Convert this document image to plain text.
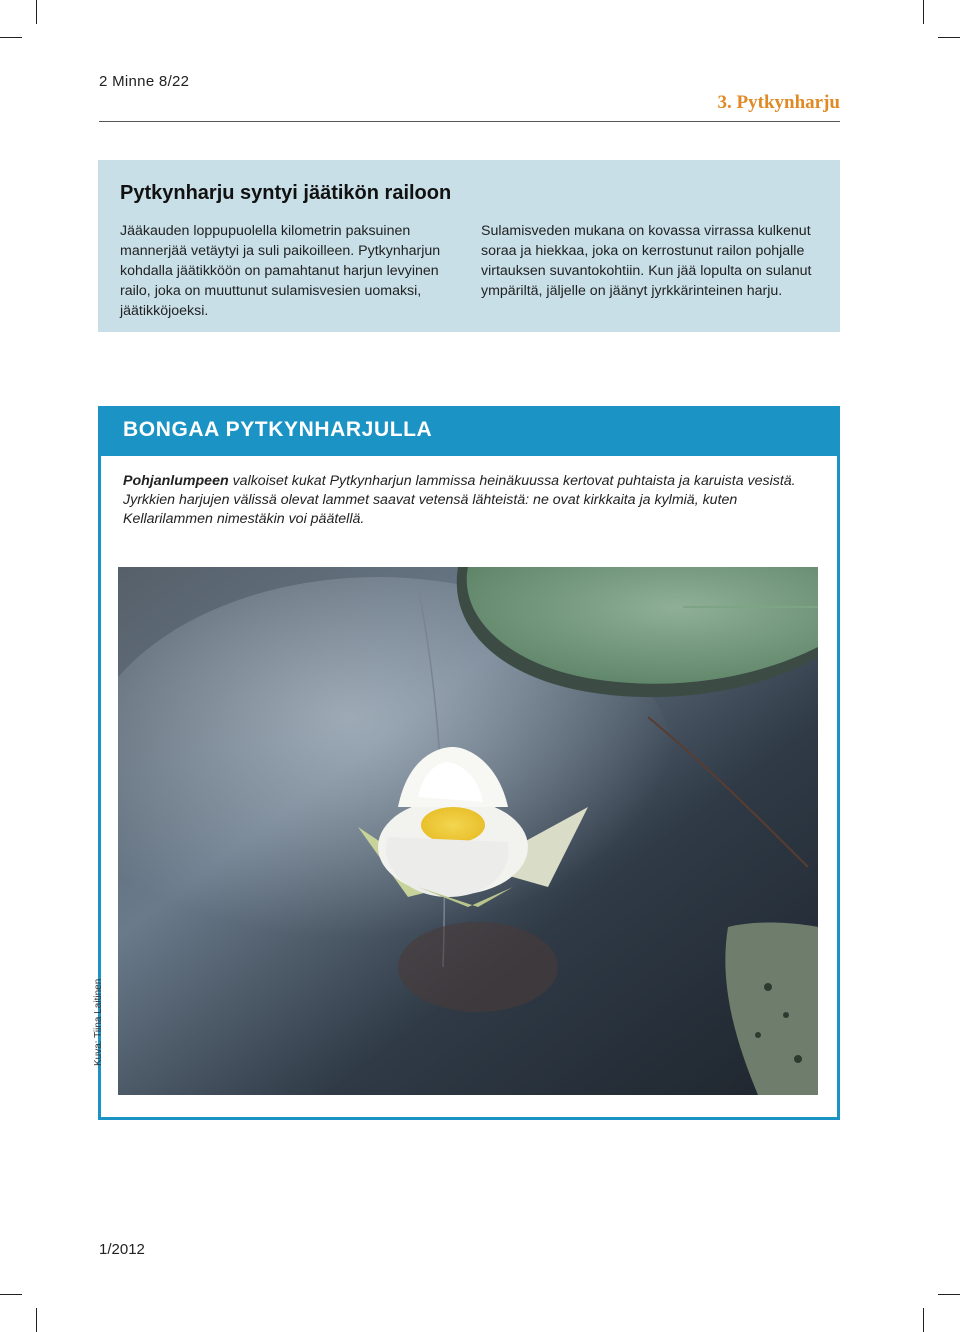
2 Minne 8/22
3. Pytkynharju
Pytkynharju syntyi jäätikön railoon

Jääkauden loppupuolella kilometrin paksuinen mannerjää vetäytyi ja suli paikoilleen. Pytkynharjun kohdalla jäätikköön on pamahtanut harjun levyinen railo, joka on muuttunut sulamisvesien uomaksi, jäätikköjoeksi.

Sulamisveden mukana on kovassa virrassa kulkenut soraa ja hiekkaa, joka on kerrostunut railon pohjalle virtauksen suvantokohtiin. Kun jää lopulta on sulanut ympäriltä, jäljelle on jäänyt jyrkkärinteinen harju.

BONGAA PYTKYNHARJULLA

Pohjanlumpeen valkoiset kukat Pytkynharjun lammissa heinäkuussa kertovat puhtaista ja karuista vesistä. Jyrkkien harjujen välissä olevat lammet saavat vetensä lähteistä: ne ovat kirkkaita ja kylmiä, kuten Kellarilammen nimestäkin voi päätellä.

Kuva: Tiina Laitinen
1/2012
